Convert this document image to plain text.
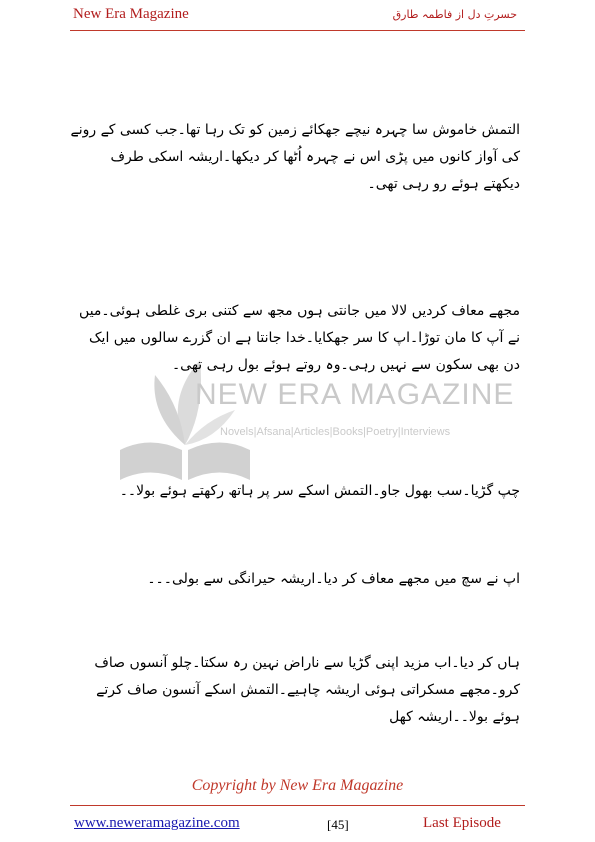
New Era Magazine	حسرتِ دل از فاطمہ طارق
NEW ERA MAGAZINE
Novels|Afsana|Articles|Books|Poetry|Interviews

التمش خاموش سا چہرہ نیچے جھکائے زمین کو تک رہا تھا۔جب کسی کے رونے کی آواز کانوں میں پڑی اس نے چہرہ اُٹھا کر دیکھا۔اریشہ اسکی طرف دیکھتے ہوئے رو رہی تھی۔

مجھے معاف کردیں لالا میں جانتی ہوں مجھ سے کتنی بری غلطی ہوئی۔میں نے آپ کا مان توڑا۔اپ کا سر جھکایا۔خدا جانتا ہے ان گزرے سالوں میں ایک دن بھی سکون سے نہیں رہی۔وہ روتے ہوئے بول رہی تھی۔

چپ گڑیا۔سب بھول جاو۔التمش اسکے سر پر ہاتھ رکھتے ہوئے بولا۔۔

اپ نے سچ میں مجھے معاف کر دیا۔اریشہ حیرانگی سے بولی۔۔۔

ہاں کر دیا۔اب مزید اپنی گڑیا سے ناراض نہین رہ سکتا۔چلو آنسوں صاف کرو۔مجھے مسکراتی ہوئی اریشہ چاہیے۔التمش اسکے آنسون صاف کرتے ہوئے بولا۔۔اریشہ کھل

Copyright by New Era Magazine
www.neweramagazine.com	[45]	Last Episode
